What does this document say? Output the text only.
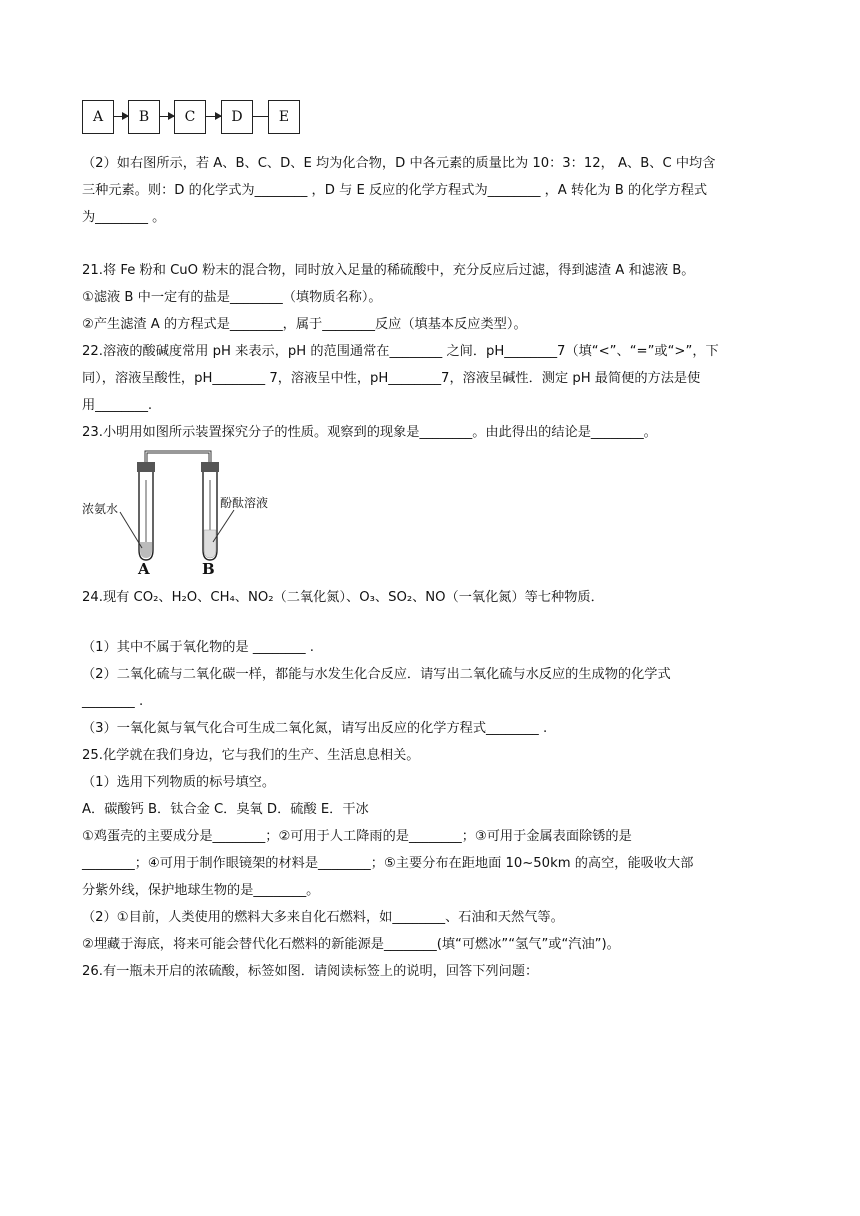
A	B	C	D	E
（2）如右图所示，若 A、B、C、D、E 均为化合物，D 中各元素的质量比为 10：3：12， A、B、C 中均含
三种元素。则：D 的化学式为________ ，D 与 E 反应的化学方程式为________ ，A 转化为 B 的化学方程式
为________ 。
21.将 Fe 粉和 CuO 粉末的混合物，同时放入足量的稀硫酸中，充分反应后过滤，得到滤渣 A 和滤液 B。
①滤液 B 中一定有的盐是________（填物质名称）。
②产生滤渣 A 的方程式是________，属于________反应（填基本反应类型）。
22.溶液的酸碱度常用 pH 来表示，pH 的范围通常在________ 之间．pH________7（填“<”、“=”或“>”，下
同），溶液呈酸性，pH________ 7，溶液呈中性，pH________7，溶液呈碱性．测定 pH 最简便的方法是使
用________.
23.小明用如图所示装置探究分子的性质。观察到的现象是________。由此得出的结论是________。
浓氨水	酚酞溶液
A	B
24.现有 CO₂、H₂O、CH₄、NO₂（二氧化氮）、O₃、SO₂、NO（一氧化氮）等七种物质．
（1）其中不属于氧化物的是 ________ .
（2）二氧化硫与二氧化碳一样，都能与水发生化合反应．请写出二氧化硫与水反应的生成物的化学式
________ .
（3）一氧化氮与氧气化合可生成二氧化氮，请写出反应的化学方程式________ .
25.化学就在我们身边，它与我们的生产、生活息息相关。
（1）选用下列物质的标号填空。
A．碳酸钙 B．钛合金 C．臭氧 D．硫酸 E．干冰
①鸡蛋壳的主要成分是________；②可用于人工降雨的是________；③可用于金属表面除锈的是
________；④可用于制作眼镜架的材料是________；⑤主要分布在距地面 10~50km 的高空，能吸收大部
分紫外线，保护地球生物的是________。
（2）①目前，人类使用的燃料大多来自化石燃料，如________、石油和天然气等。
②埋藏于海底，将来可能会替代化石燃料的新能源是________(填“可燃冰”“氢气”或“汽油”)。
26.有一瓶未开启的浓硫酸，标签如图．请阅读标签上的说明，回答下列问题：
